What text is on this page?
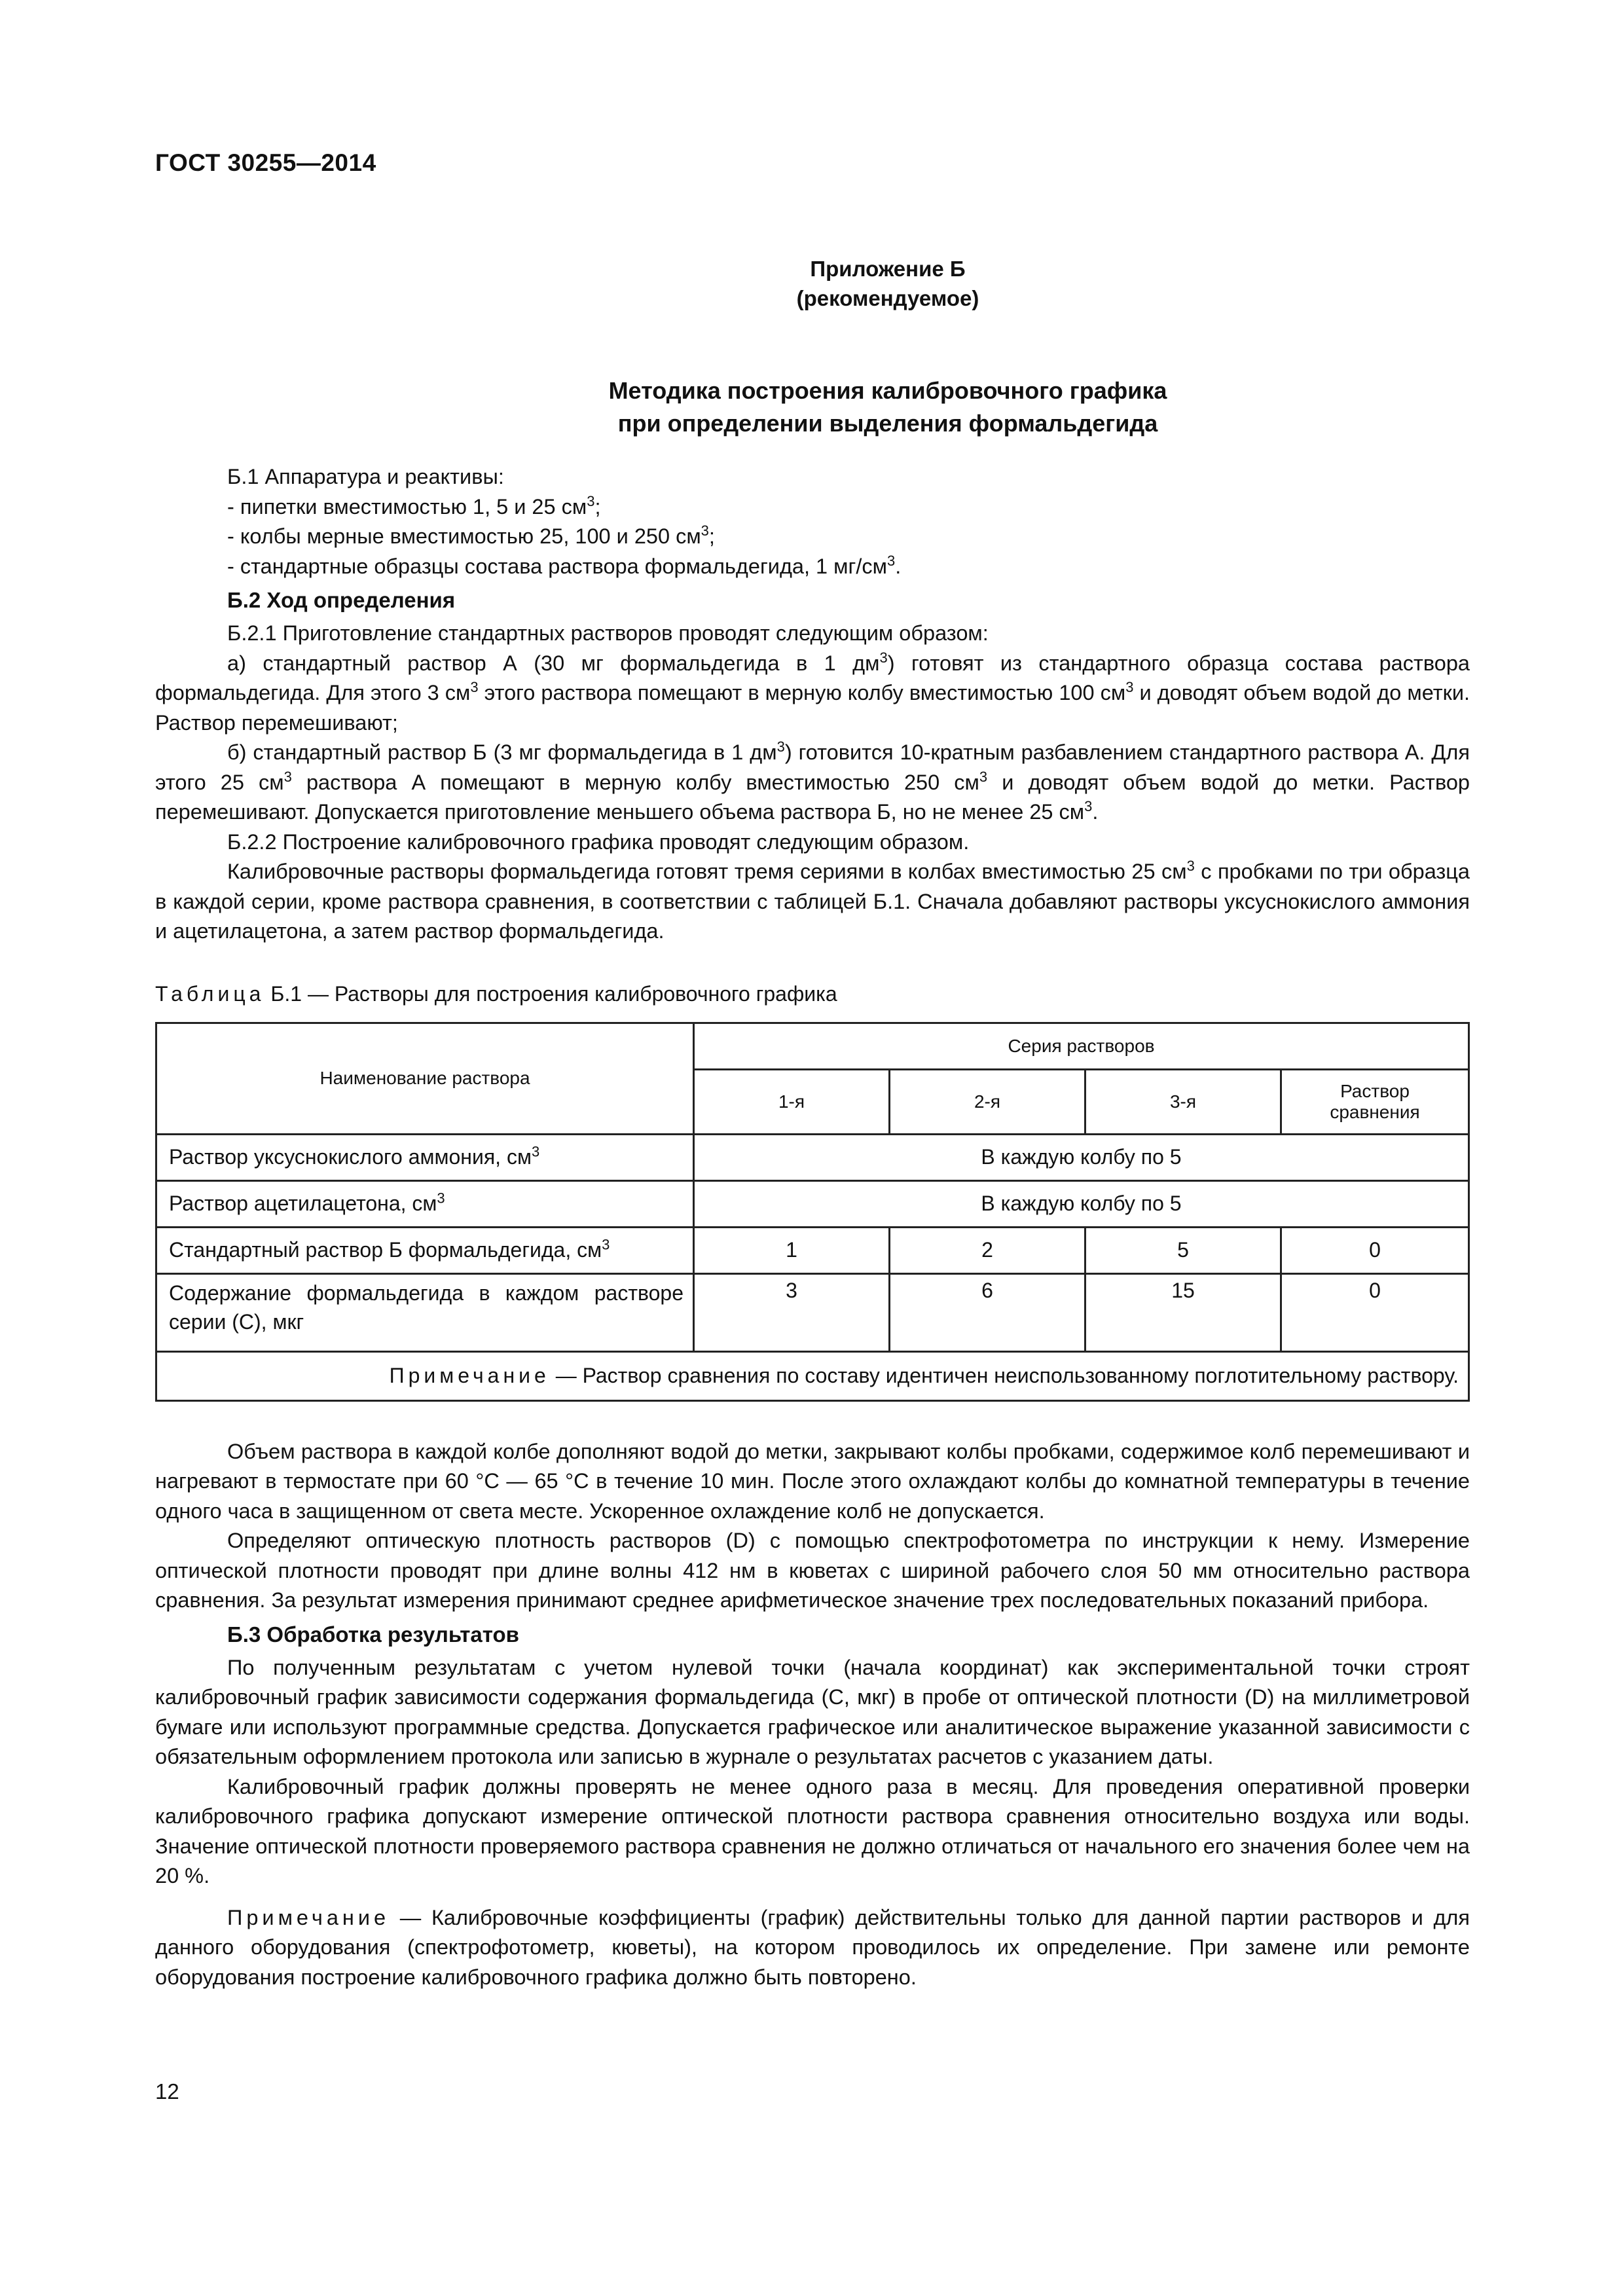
ГОСТ 30255—2014
Приложение Б
(рекомендуемое)
Методика построения калибровочного графика
при определении выделения формальдегида

Б.1 Аппаратура и реактивы:

- пипетки вместимостью 1, 5 и 25 $см^3$;

- колбы мерные вместимостью 25, 100 и 250 $см^3$;

- стандартные образцы состава раствора формальдегида, 1 $мг/см^3$.

Б.2 Ход определения

Б.2.1 Приготовление стандартных растворов проводят следующим образом:

а) стандартный раствор А (30 мг формальдегида в 1 $дм^3$) готовят из стандартного образца состава раствора формальдегида. Для этого 3 $см^3$ этого раствора помещают в мерную колбу вместимостью 100 $см^3$ и доводят объем водой до метки. Раствор перемешивают;

б) стандартный раствор Б (3 мг формальдегида в 1 $дм^3$) готовится 10-кратным разбавлением стандартного раствора А. Для этого 25 $см^3$ раствора А помещают в мерную колбу вместимостью 250 $см^3$ и доводят объем водой до метки. Раствор перемешивают. Допускается приготовление меньшего объема раствора Б, но не менее 25 $см^3$.

Б.2.2 Построение калибровочного графика проводят следующим образом.

Калибровочные растворы формальдегида готовят тремя сериями в колбах вместимостью 25 $см^3$ с пробками по три образца в каждой серии, кроме раствора сравнения, в соответствии с таблицей Б.1. Сначала добавляют растворы уксуснокислого аммония и ацетилацетона, а затем раствор формальдегида.

Таблица Б.1 — Растворы для построения калибровочного графика
Наименование раствора	Серия растворов			
	1-я	2-я	3-я	Раствор
сравнения

Раствор уксуснокислого аммония, $см^3$	В каждую колбу по 5			
Раствор ацетилацетона, $см^3$	В каждую колбу по 5			
Стандартный раствор Б формальдегида, $см^3$	1	2	5	0
Содержание формальдегида в каждом растворе серии (С), мкг	3	6	15	0
Примечание — Раствор сравнения по составу идентичен неиспользованному поглотительному раствору.				

Объем раствора в каждой колбе дополняют водой до метки, закрывают колбы пробками, содержимое колб перемешивают и нагревают в термостате при 60 °С — 65 °С в течение 10 мин. После этого охлаждают колбы до комнатной температуры в течение одного часа в защищенном от света месте. Ускоренное охлаждение колб не допускается.

Определяют оптическую плотность растворов (D) с помощью спектрофотометра по инструкции к нему. Измерение оптической плотности проводят при длине волны 412 нм в кюветах с шириной рабочего слоя 50 мм относительно раствора сравнения. За результат измерения принимают среднее арифметическое значение трех последовательных показаний прибора.

Б.3 Обработка результатов

По полученным результатам с учетом нулевой точки (начала координат) как экспериментальной точки строят калибровочный график зависимости содержания формальдегида (С, мкг) в пробе от оптической плотности (D) на миллиметровой бумаге или используют программные средства. Допускается графическое или аналитическое выражение указанной зависимости с обязательным оформлением протокола или записью в журнале о результатах расчетов с указанием даты.

Калибровочный график должны проверять не менее одного раза в месяц. Для проведения оперативной проверки калибровочного графика допускают измерение оптической плотности раствора сравнения относительно воздуха или воды. Значение оптической плотности проверяемого раствора сравнения не должно отличаться от начального его значения более чем на 20 %.

Примечание — Калибровочные коэффициенты (график) действительны только для данной партии растворов и для данного оборудования (спектрофотометр, кюветы), на котором проводилось их определение. При замене или ремонте оборудования построение калибровочного графика должно быть повторено.

12
